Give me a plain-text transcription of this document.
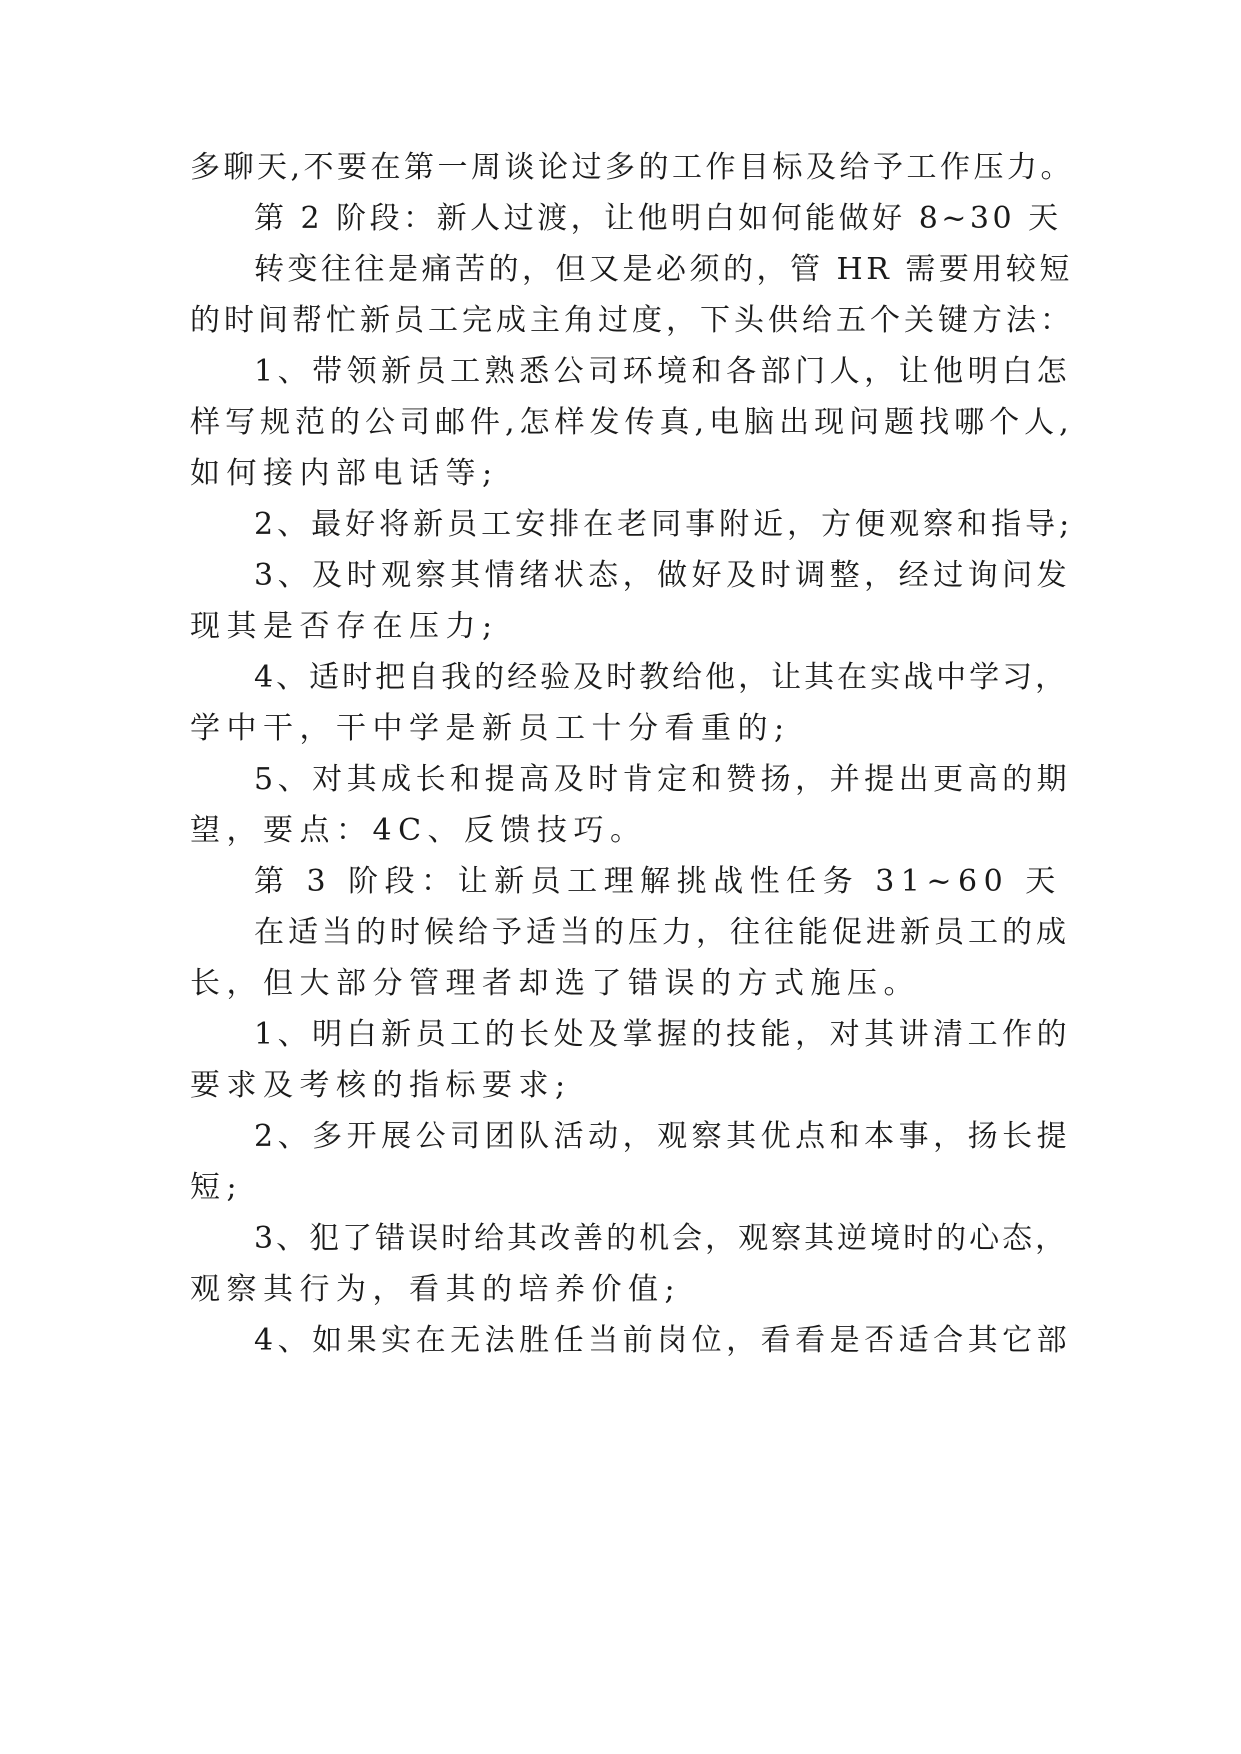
多聊天,不要在第一周谈论过多的工作目标及给予工作压力。
第 2 阶段：新人过渡，让他明白如何能做好 8~30 天
转变往往是痛苦的，但又是必须的，管 HR 需要用较短
的时间帮忙新员工完成主角过度，下头供给五个关键方法：
1、带领新员工熟悉公司环境和各部门人，让他明白怎
样写规范的公司邮件,怎样发传真,电脑出现问题找哪个人,
如何接内部电话等;
2、最好将新员工安排在老同事附近，方便观察和指导;
3、及时观察其情绪状态，做好及时调整，经过询问发
现其是否存在压力;
4、适时把自我的经验及时教给他，让其在实战中学习，
学中干，干中学是新员工十分看重的;
5、对其成长和提高及时肯定和赞扬，并提出更高的期
望，要点：4C、反馈技巧。
第 3 阶段：让新员工理解挑战性任务 31~60 天
在适当的时候给予适当的压力，往往能促进新员工的成
长，但大部分管理者却选了错误的方式施压。
1、明白新员工的长处及掌握的技能，对其讲清工作的
要求及考核的指标要求;
2、多开展公司团队活动，观察其优点和本事，扬长提
短;
3、犯了错误时给其改善的机会，观察其逆境时的心态，
观察其行为，看其的培养价值;
4、如果实在无法胜任当前岗位，看看是否适合其它部
